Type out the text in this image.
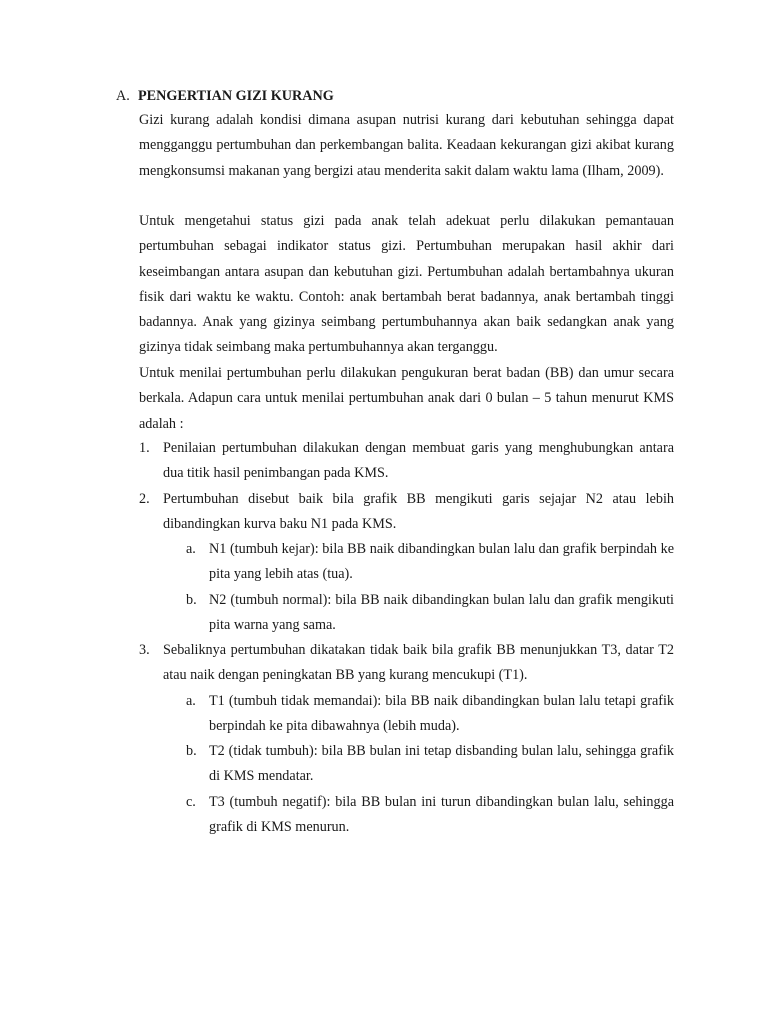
A. PENGERTIAN GIZI KURANG

Gizi kurang adalah kondisi dimana asupan nutrisi kurang dari kebutuhan sehingga dapat mengganggu pertumbuhan dan perkembangan balita. Keadaan kekurangan gizi akibat kurang mengkonsumsi makanan yang bergizi atau menderita sakit dalam waktu lama (Ilham, 2009).

Untuk mengetahui status gizi pada anak telah adekuat perlu dilakukan pemantauan pertumbuhan sebagai indikator status gizi. Pertumbuhan merupakan hasil akhir dari keseimbangan antara asupan dan kebutuhan gizi. Pertumbuhan adalah bertambahnya ukuran fisik dari waktu ke waktu. Contoh: anak bertambah berat badannya, anak bertambah tinggi badannya. Anak yang gizinya seimbang pertumbuhannya akan baik sedangkan anak yang gizinya tidak seimbang maka pertumbuhannya akan terganggu.

Untuk menilai pertumbuhan perlu dilakukan pengukuran berat badan (BB) dan umur secara berkala. Adapun cara untuk menilai pertumbuhan anak dari 0 bulan – 5 tahun menurut KMS adalah :

1. Penilaian pertumbuhan dilakukan dengan membuat garis yang menghubungkan antara dua titik hasil penimbangan pada KMS.

2. Pertumbuhan disebut baik bila grafik BB mengikuti garis sejajar N2 atau lebih dibandingkan kurva baku N1 pada KMS.

a. N1 (tumbuh kejar): bila BB naik dibandingkan bulan lalu dan grafik berpindah ke pita yang lebih atas (tua).

b. N2 (tumbuh normal): bila BB naik dibandingkan bulan lalu dan grafik mengikuti pita warna yang sama.

3. Sebaliknya pertumbuhan dikatakan tidak baik bila grafik BB menunjukkan T3, datar T2 atau naik dengan peningkatan BB yang kurang mencukupi (T1).

a. T1 (tumbuh tidak memandai): bila BB naik dibandingkan bulan lalu tetapi grafik berpindah ke pita dibawahnya (lebih muda).

b. T2 (tidak tumbuh): bila BB bulan ini tetap disbanding bulan lalu, sehingga grafik di KMS mendatar.

c. T3 (tumbuh negatif): bila BB bulan ini turun dibandingkan bulan lalu, sehingga grafik di KMS menurun.
